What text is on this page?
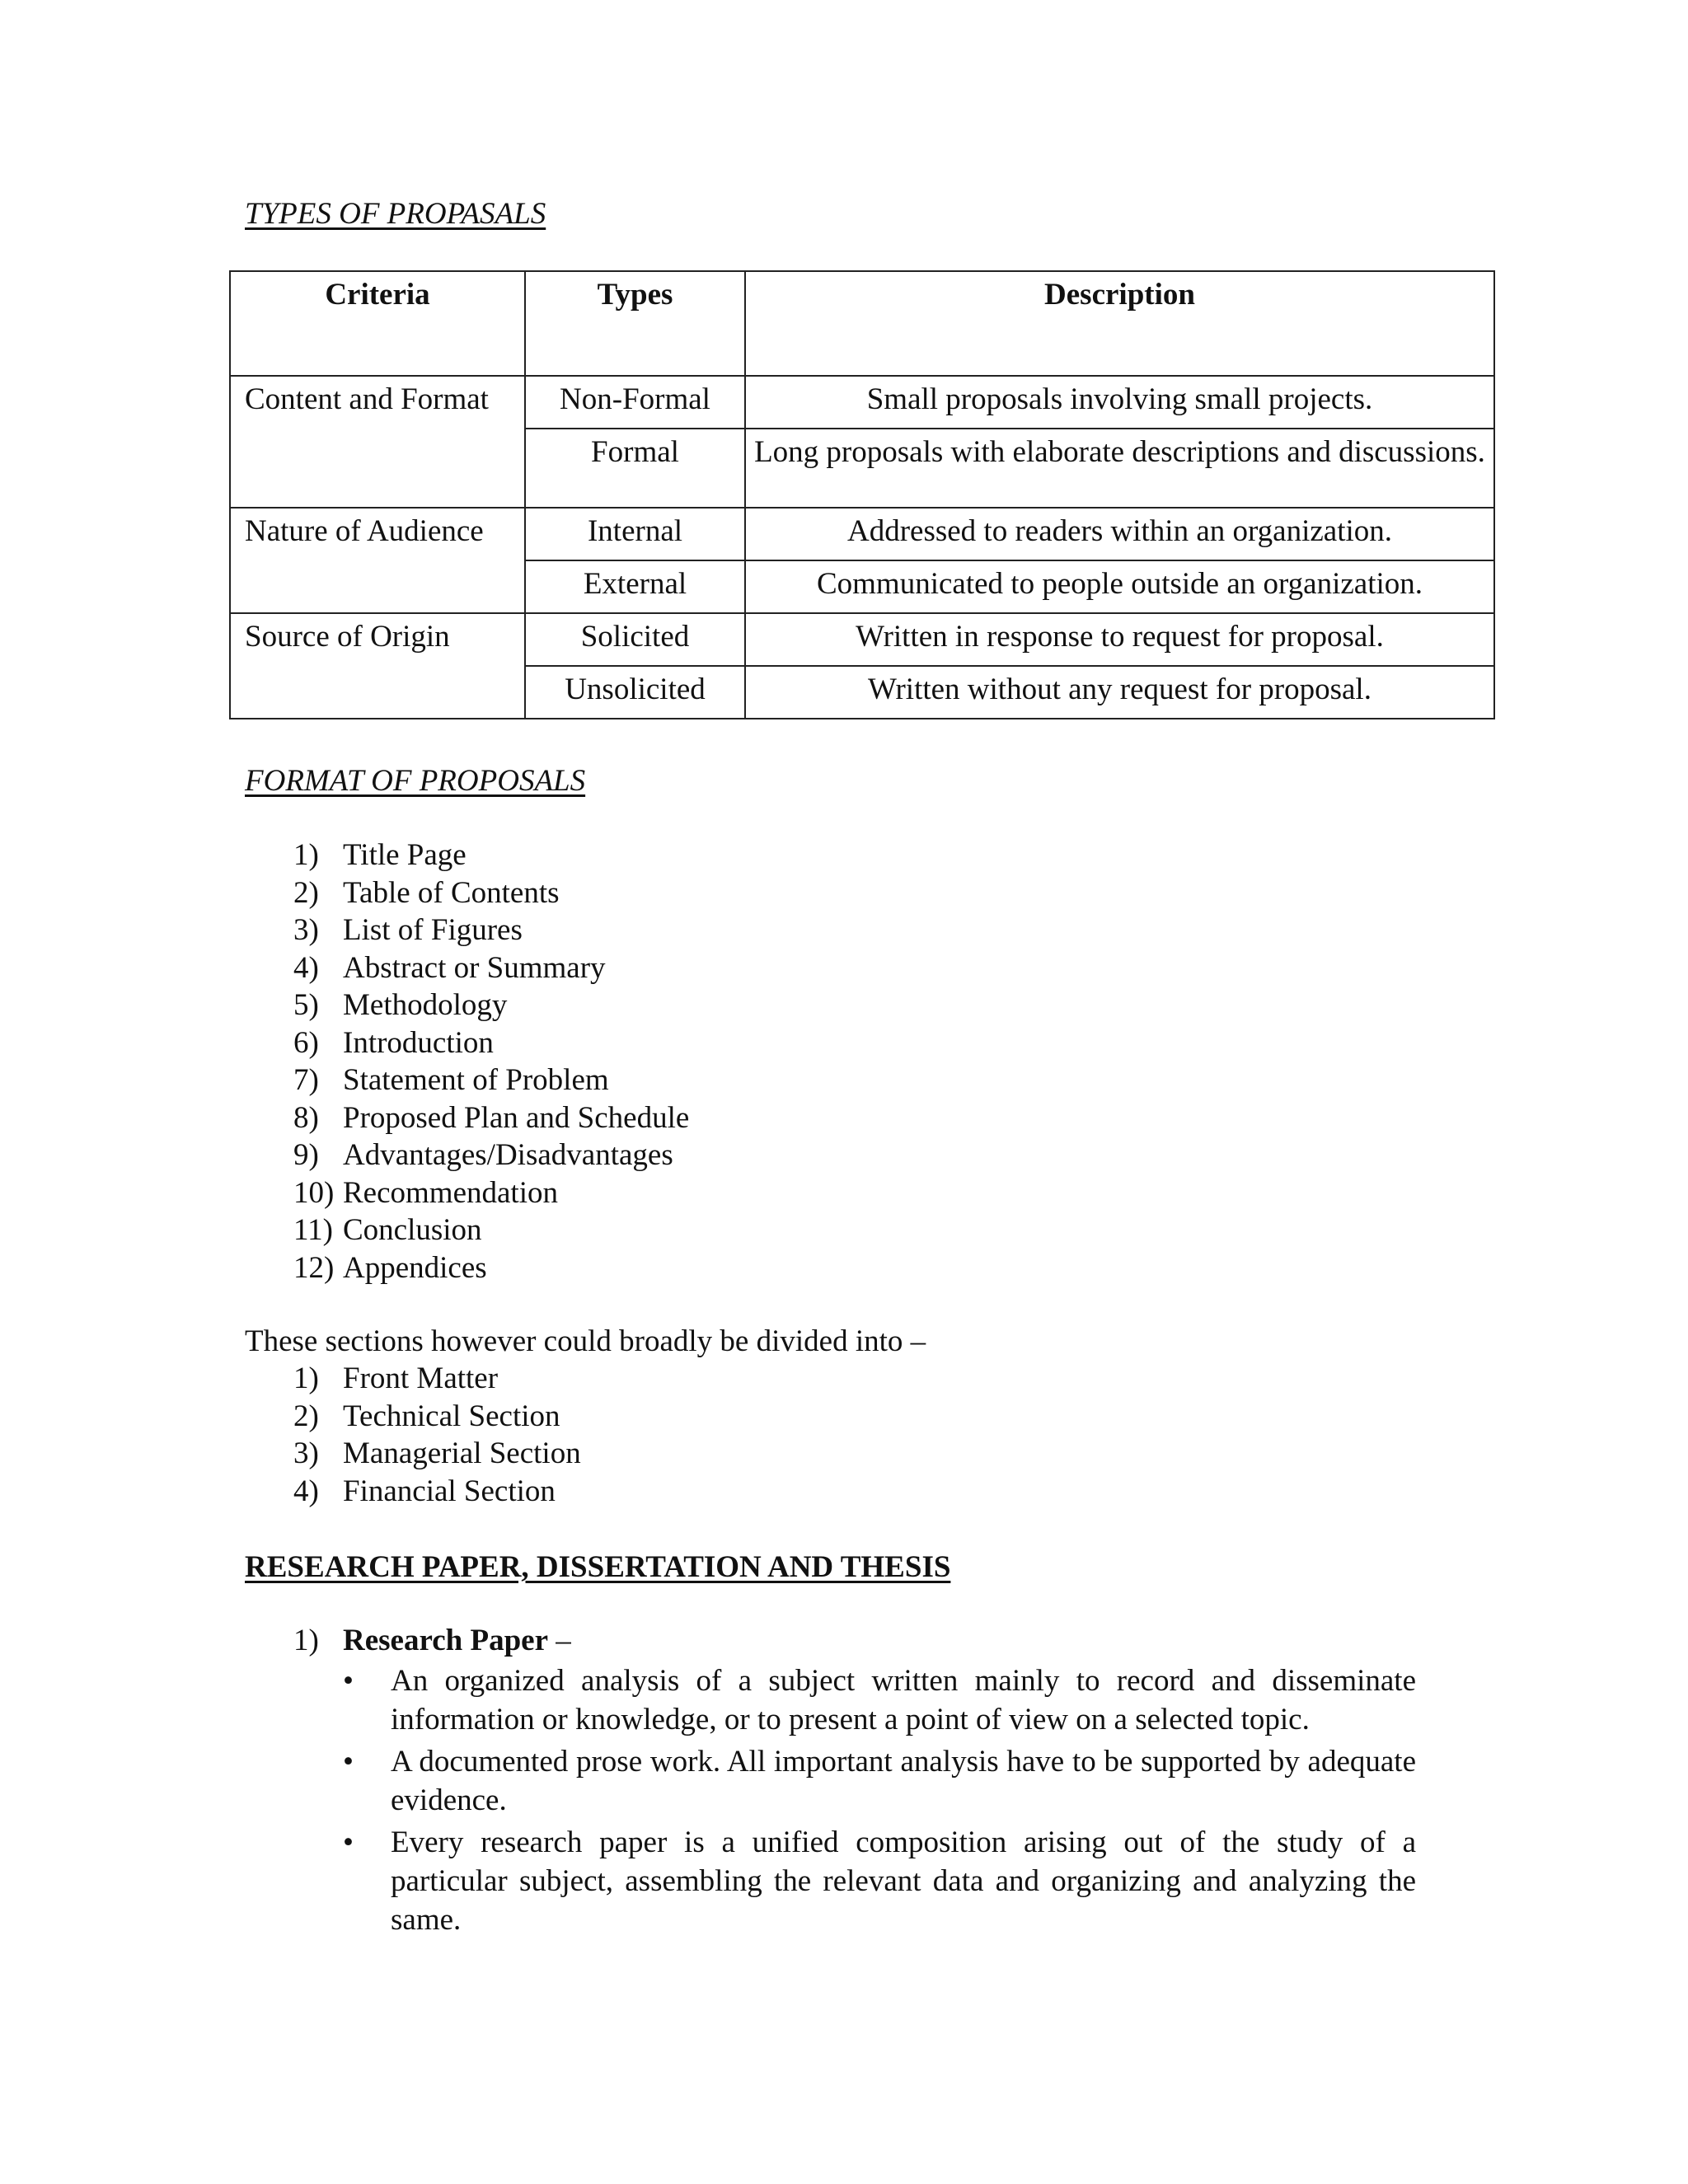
TYPES OF PROPASALS
Criteria	Types	Description
Content and Format	Non-Formal	Small proposals involving small projects.
	Formal	Long proposals with elaborate descriptions and discussions.
Nature of Audience	Internal	Addressed to readers within an organization.
	External	Communicated to people outside an organization.
Source of Origin	Solicited	Written in response to request for proposal.
	Unsolicited	Written without any request for proposal.
FORMAT OF PROPOSALS
1) Title Page
2) Table of Contents
3) List of Figures
4) Abstract or Summary
5) Methodology
6) Introduction
7) Statement of Problem
8) Proposed Plan and Schedule
9) Advantages/Disadvantages
10) Recommendation
11) Conclusion
12) Appendices

These sections however could broadly be divided into –

1) Front Matter
2) Technical Section
3) Managerial Section
4) Financial Section
RESEARCH PAPER, DISSERTATION AND THESIS

1) Research Paper –

• An organized analysis of a subject written mainly to record and disseminate information or knowledge, or to present a point of view on a selected topic.
• A documented prose work. All important analysis have to be supported by adequate evidence.
• Every research paper is a unified composition arising out of the study of a particular subject, assembling the relevant data and organizing and analyzing the same.
